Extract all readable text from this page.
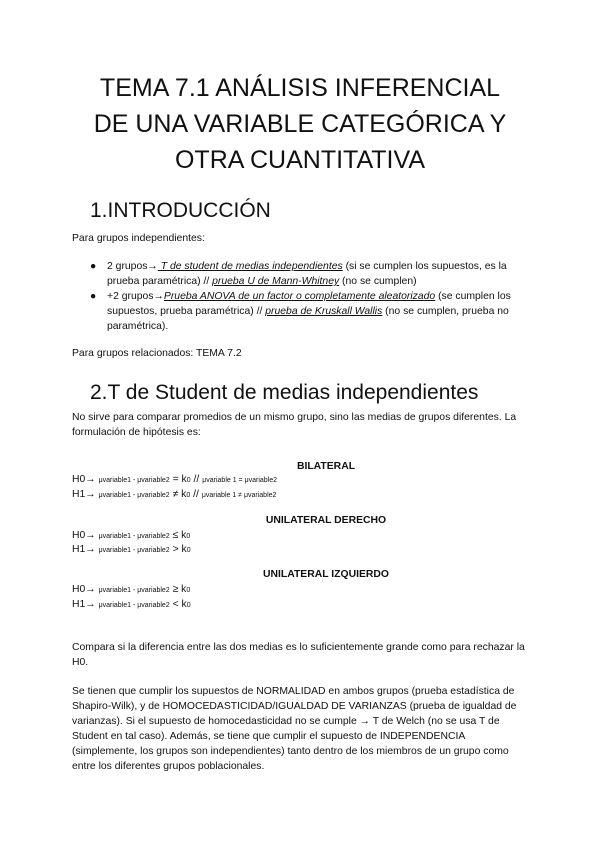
TEMA 7.1 ANÁLISIS INFERENCIAL
DE UNA VARIABLE CATEGÓRICA Y
OTRA CUANTITATIVA
1.INTRODUCCIÓN

Para grupos independientes:

● 2 grupos→ T de student de medias independientes (si se cumplen los supuestos, es la prueba paramétrica) // prueba U de Mann-Whitney (no se cumplen)
● +2 grupos→Prueba ANOVA de un factor o completamente aleatorizado (se cumplen los supuestos, prueba paramétrica) // prueba de Kruskall Wallis (no se cumplen, prueba no paramétrica).

Para grupos relacionados: TEMA 7.2

2.T de Student de medias independientes

No sirve para comparar promedios de un mismo grupo, sino las medias de grupos diferentes. La formulación de hipótesis es:

BILATERAL
H0→ μvariable1 - μvariable2 = k0 // μvariable 1 = μvariable2
H1→ μvariable1 - μvariable2 ≠ k0 // μvariable 1 ≠ μvariable2
UNILATERAL DERECHO
H0→ μvariable1 - μvariable2 ≤ k0
H1→ μvariable1 - μvariable2 > k0
UNILATERAL IZQUIERDO
H0→ μvariable1 - μvariable2 ≥ k0
H1→ μvariable1 - μvariable2 < k0

Compara si la diferencia entre las dos medias es lo suficientemente grande como para rechazar la H0.

Se tienen que cumplir los supuestos de NORMALIDAD en ambos grupos (prueba estadística de Shapiro-Wilk), y de HOMOCEDASTICIDAD/IGUALDAD DE VARIANZAS (prueba de igualdad de varianzas). Si el supuesto de homocedasticidad no se cumple → T de Welch (no se usa T de Student en tal caso). Además, se tiene que cumplir el supuesto de INDEPENDENCIA (simplemente, los grupos son independientes) tanto dentro de los miembros de un grupo como entre los diferentes grupos poblacionales.
